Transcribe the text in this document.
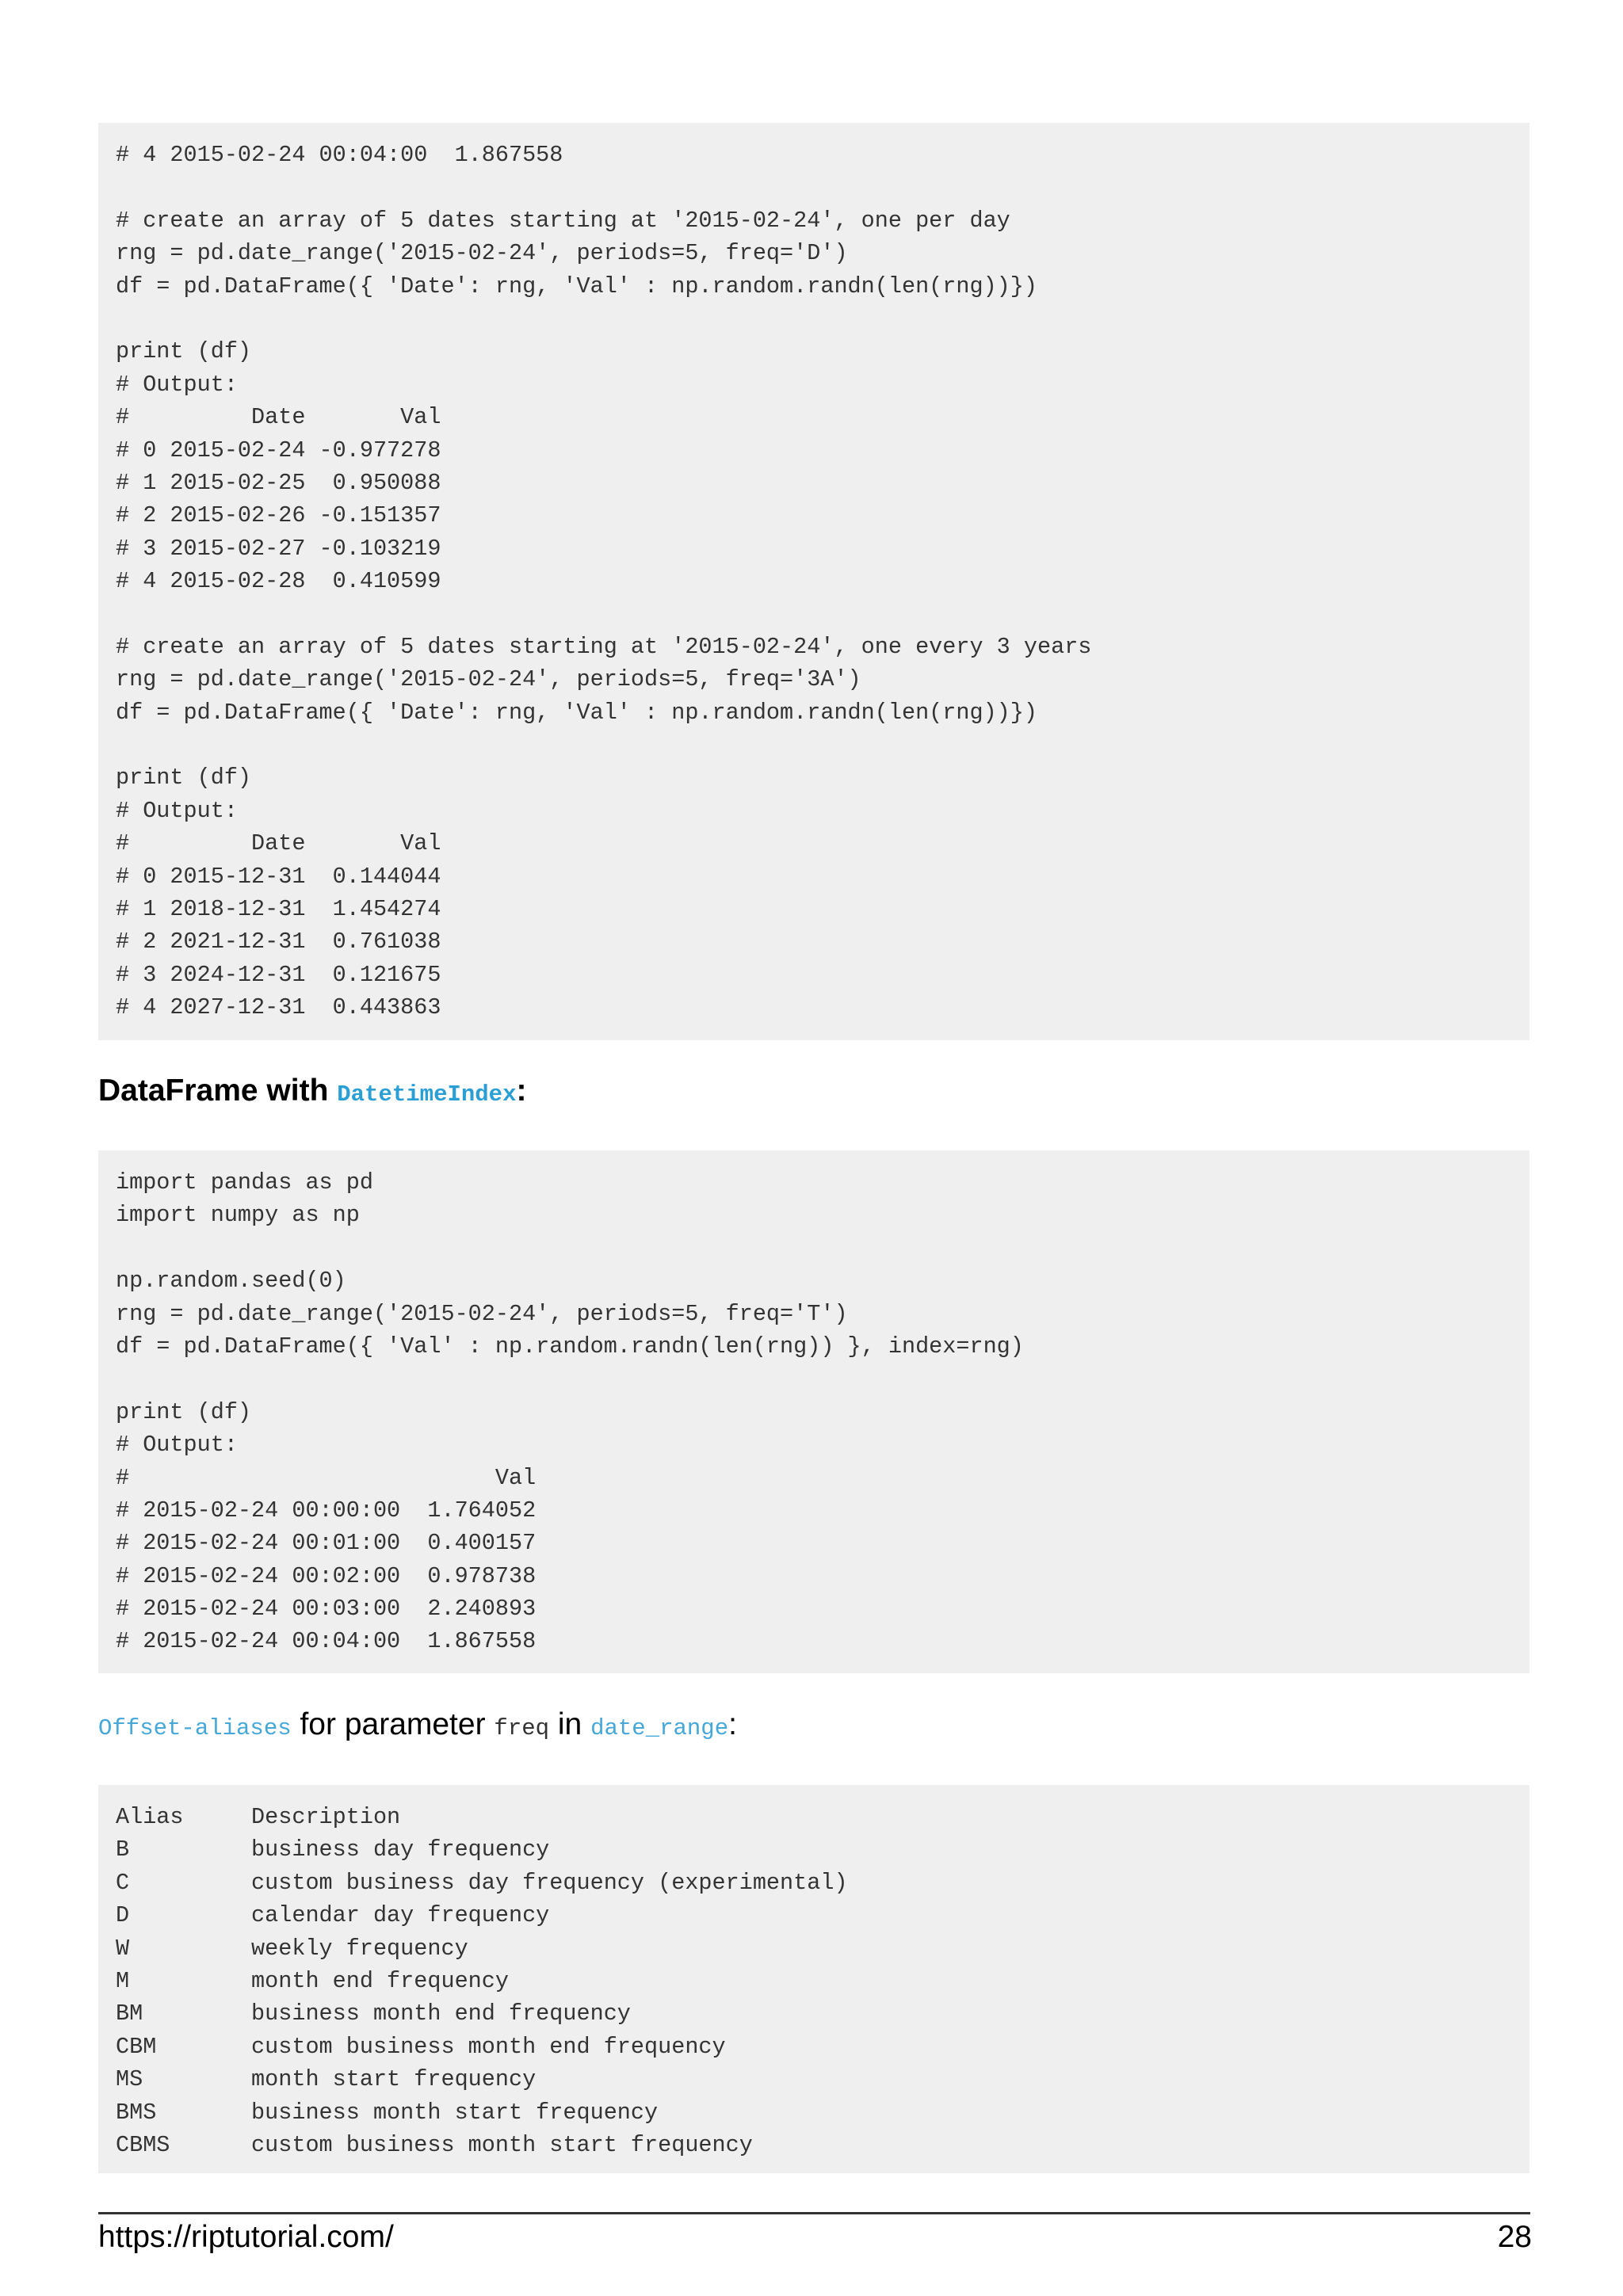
# 4 2015-02-24 00:04:00  1.867558
# create an array of 5 dates starting at '2015-02-24', one per day
rng = pd.date_range('2015-02-24', periods=5, freq='D')
df = pd.DataFrame({ 'Date': rng, 'Val' : np.random.randn(len(rng))})
print (df)
# Output:
#         Date       Val
# 0 2015-02-24 -0.977278
# 1 2015-02-25  0.950088
# 2 2015-02-26 -0.151357
# 3 2015-02-27 -0.103219
# 4 2015-02-28  0.410599
# create an array of 5 dates starting at '2015-02-24', one every 3 years
rng = pd.date_range('2015-02-24', periods=5, freq='3A')
df = pd.DataFrame({ 'Date': rng, 'Val' : np.random.randn(len(rng))})
print (df)
# Output:
#         Date       Val
# 0 2015-12-31  0.144044
# 1 2018-12-31  1.454274
# 2 2021-12-31  0.761038
# 3 2024-12-31  0.121675
# 4 2027-12-31  0.443863
DataFrame with DatetimeIndex:
import pandas as pd
import numpy as np
np.random.seed(0)
rng = pd.date_range('2015-02-24', periods=5, freq='T')
df = pd.DataFrame({ 'Val' : np.random.randn(len(rng)) }, index=rng)
print (df)
# Output:
#                           Val
# 2015-02-24 00:00:00  1.764052
# 2015-02-24 00:01:00  0.400157
# 2015-02-24 00:02:00  0.978738
# 2015-02-24 00:03:00  2.240893
# 2015-02-24 00:04:00  1.867558
Offset-aliases for parameter freq in date_range:
Alias     Description
B         business day frequency
C         custom business day frequency (experimental)
D         calendar day frequency
W         weekly frequency
M         month end frequency
BM        business month end frequency
CBM       custom business month end frequency
MS        month start frequency
BMS       business month start frequency
CBMS      custom business month start frequency
https://riptutorial.com/	28
